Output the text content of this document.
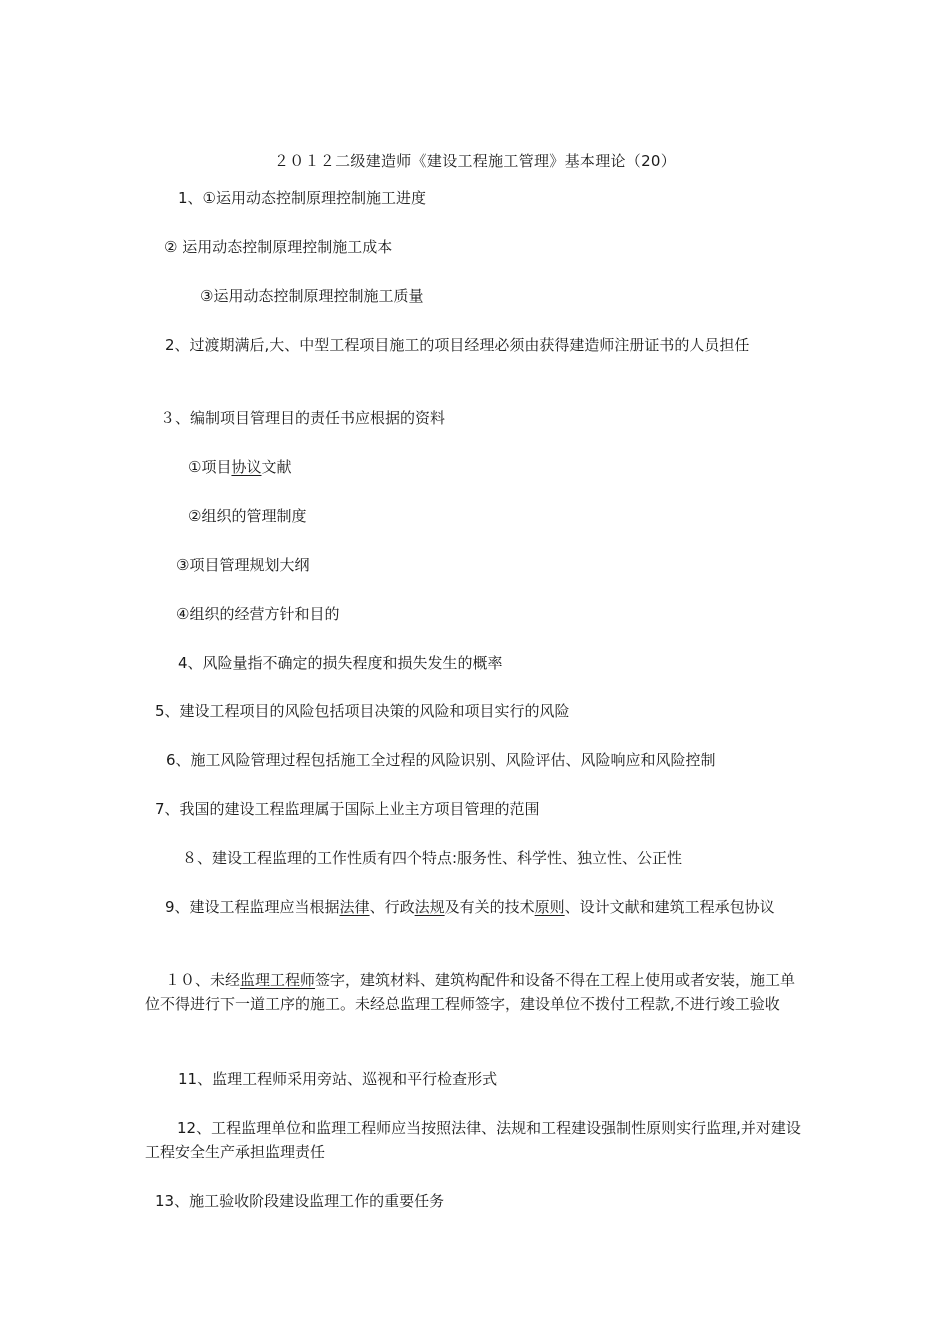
２０１２二级建造师《建设工程施工管理》基本理论（20）
1、①运用动态控制原理控制施工进度
② 运用动态控制原理控制施工成本
③运用动态控制原理控制施工质量
2、过渡期满后,大、中型工程项目施工的项目经理必须由获得建造师注册证书的人员担任
３、编制项目管理目的责任书应根据的资料
①项目协议文献
②组织的管理制度
③项目管理规划大纲
④组织的经营方针和目的
4、风险量指不确定的损失程度和损失发生的概率
5、建设工程项目的风险包括项目决策的风险和项目实行的风险
6、施工风险管理过程包括施工全过程的风险识别、风险评估、风险响应和风险控制
7、我国的建设工程监理属于国际上业主方项目管理的范围
８、建设工程监理的工作性质有四个特点:服务性、科学性、独立性、公正性
9、建设工程监理应当根据法律、行政法规及有关的技术原则、设计文献和建筑工程承包协议
１０、未经监理工程师签字，建筑材料、建筑构配件和设备不得在工程上使用或者安装，施工单位不得进行下一道工序的施工。未经总监理工程师签字，建设单位不拨付工程款,不进行竣工验收
11、监理工程师采用旁站、巡视和平行检查形式
12、工程监理单位和监理工程师应当按照法律、法规和工程建设强制性原则实行监理,并对建设工程安全生产承担监理责任
13、施工验收阶段建设监理工作的重要任务
